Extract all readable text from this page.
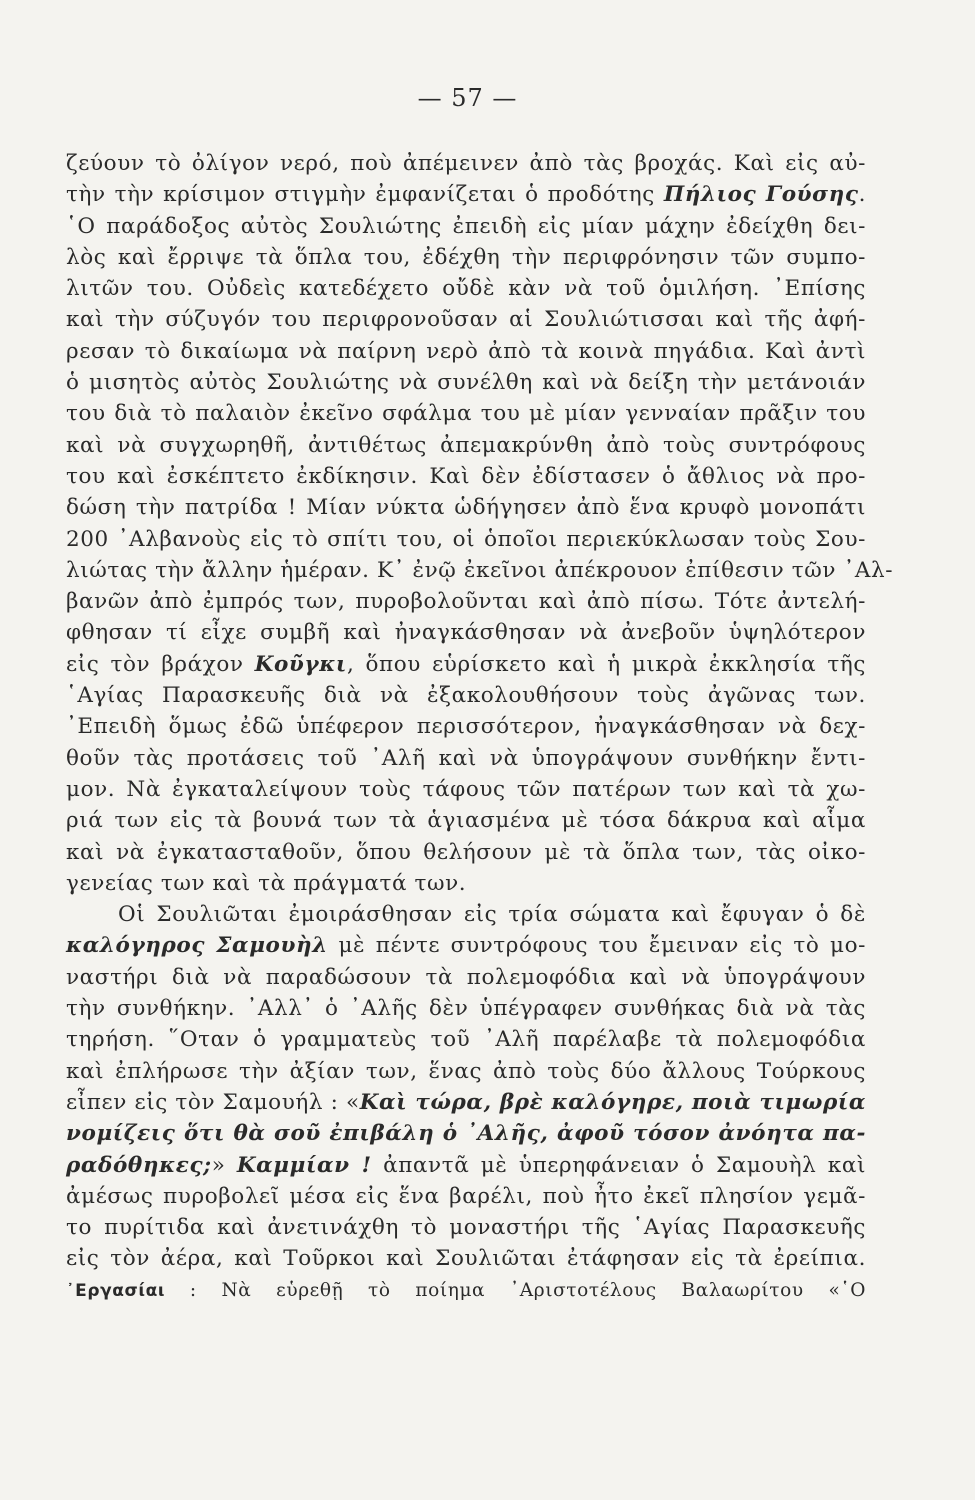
— 57 —
ζεύουν τὸ ὀλίγον νερό, ποὺ ἀπέμεινεν ἀπὸ τὰς βροχάς. Καὶ εἰς αὐ-
τὴν τὴν κρίσιμον στιγμὴν ἐμφανίζεται ὁ προδότης Πήλιος Γούσης.
῾Ο παράδοξος αὐτὸς Σουλιώτης ἐπειδὴ εἰς μίαν μάχην ἐδείχθη δει-
λὸς καὶ ἔρριψε τὰ ὅπλα του, ἐδέχθη τὴν περιφρόνησιν τῶν συμπο-
λιτῶν του. Οὐδεὶς κατεδέχετο οὔδὲ κὰν νὰ τοῦ ὁμιλήση. ᾿Επίσης
καὶ τὴν σύζυγόν του περιφρονοῦσαν αἱ Σουλιώτισσαι καὶ τῆς ἀφή-
ρεσαν τὸ δικαίωμα νὰ παίρνη νερὸ ἀπὸ τὰ κοινὰ πηγάδια. Καὶ ἀντὶ
ὁ μισητὸς αὐτὸς Σουλιώτης νὰ συνέλθη καὶ νὰ δείξη τὴν μετάνοιάν
του διὰ τὸ παλαιὸν ἐκεῖνο σφάλμα του μὲ μίαν γενναίαν πρᾶξιν του
καὶ νὰ συγχωρηθῆ, ἀντιθέτως ἀπεμακρύνθη ἀπὸ τοὺς συντρόφους
του καὶ ἐσκέπτετο ἐκδίκησιν. Καὶ δὲν ἐδίστασεν ὁ ἄθλιος νὰ προ-
δώση τὴν πατρίδα ! Μίαν νύκτα ὡδήγησεν ἀπὸ ἕνα κρυφὸ μονοπάτι
200 ᾿Αλβανοὺς εἰς τὸ σπίτι του, οἱ ὁποῖοι περιεκύκλωσαν τοὺς Σου-
λιώτας τὴν ἄλλην ἡμέραν. Κ᾿ ἐνῷ ἐκεῖνοι ἀπέκρουον ἐπίθεσιν τῶν ᾿Αλ-
βανῶν ἀπὸ ἐμπρός των, πυροβολοῦνται καὶ ἀπὸ πίσω. Τότε ἀντελή-
φθησαν τί εἶχε συμβῆ καὶ ἠναγκάσθησαν νὰ ἀνεβοῦν ὑψηλότερον
εἰς τὸν βράχον Κοῦγκι, ὅπου εὑρίσκετο καὶ ἡ μικρὰ ἐκκλησία τῆς
῾Αγίας Παρασκευῆς διὰ νὰ ἐξακολουθήσουν τοὺς ἀγῶνας των.
᾿Επειδὴ ὅμως ἐδῶ ὑπέφερον περισσότερον, ἠναγκάσθησαν νὰ δεχ-
θοῦν τὰς προτάσεις τοῦ ᾿Αλῆ καὶ νὰ ὑπογράψουν συνθήκην ἔντι-
μον. Νὰ ἐγκαταλείψουν τοὺς τάφους τῶν πατέρων των καὶ τὰ χω-
ριά των εἰς τὰ βουνά των τὰ ἁγιασμένα μὲ τόσα δάκρυα καὶ αἷμα
καὶ νὰ ἐγκατασταθοῦν, ὅπου θελήσουν μὲ τὰ ὅπλα των, τὰς οἰκο-
γενείας των καὶ τὰ πράγματά των.
Οἱ Σουλιῶται ἐμοιράσθησαν εἰς τρία σώματα καὶ ἔφυγαν ὁ δὲ
καλόγηρος Σαμουὴλ μὲ πέντε συντρόφους του ἔμειναν εἰς τὸ μο-
ναστήρι διὰ νὰ παραδώσουν τὰ πολεμοφόδια καὶ νὰ ὑπογράψουν
τὴν συνθήκην. ᾿Αλλ᾿ ὁ ᾿Αλῆς δὲν ὑπέγραφεν συνθήκας διὰ νὰ τὰς
τηρήση. ῞Οταν ὁ γραμματεὺς τοῦ ᾿Αλῆ παρέλαβε τὰ πολεμοφόδια
καὶ ἐπλήρωσε τὴν ἀξίαν των, ἕνας ἀπὸ τοὺς δύο ἄλλους Τούρκους
εἶπεν εἰς τὸν Σαμουήλ : «Καὶ τώρα, βρὲ καλόγηρε, ποιὰ τιμωρία
νομίζεις ὅτι θὰ σοῦ ἐπιβάλη ὁ ᾿Αλῆς, ἀφοῦ τόσον ἀνόητα πα-
ραδόθηκες;» Καμμίαν ! ἀπαντᾶ μὲ ὑπερηφάνειαν ὁ Σαμουὴλ καὶ
ἀμέσως πυροβολεῖ μέσα εἰς ἕνα βαρέλι, ποὺ ἦτο ἐκεῖ πλησίον γεμᾶ-
το πυρίτιδα καὶ ἀνετινάχθη τὸ μοναστήρι τῆς ῾Αγίας Παρασκευῆς
εἰς τὸν ἀέρα, καὶ Τοῦρκοι καὶ Σουλιῶται ἐτάφησαν εἰς τὰ ἐρείπια.
᾿Εργασίαι : Νὰ εὑρεθῇ τὸ ποίημα ᾿Αριστοτέλους Βαλαωρίτου «῾Ο
